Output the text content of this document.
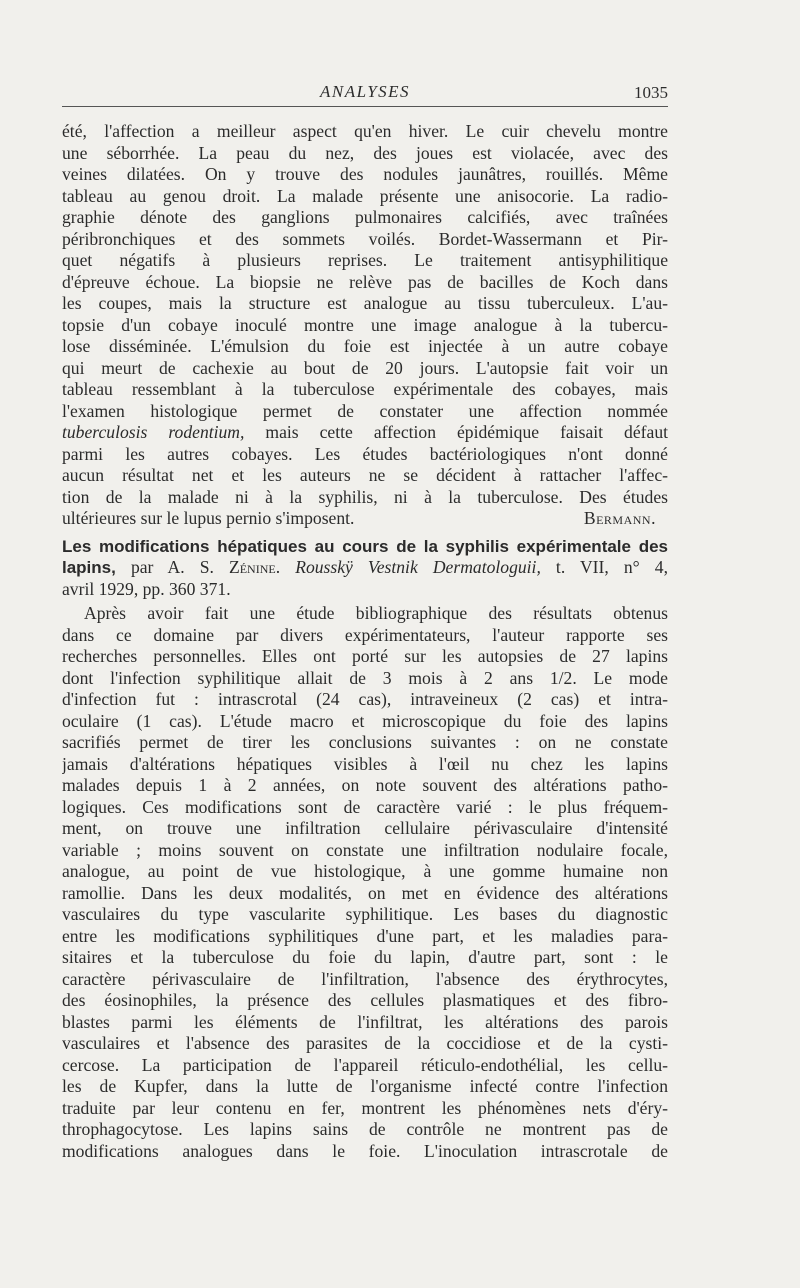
ANALYSES	1035
été, l'affection a meilleur aspect qu'en hiver. Le cuir chevelu montre
une séborrhée. La peau du nez, des joues est violacée, avec des
veines dilatées. On y trouve des nodules jaunâtres, rouillés. Même
tableau au genou droit. La malade présente une anisocorie. La radio-
graphie dénote des ganglions pulmonaires calcifiés, avec traînées
péribronchiques et des sommets voilés. Bordet-Wassermann et Pir-
quet négatifs à plusieurs reprises. Le traitement antisyphilitique
d'épreuve échoue. La biopsie ne relève pas de bacilles de Koch dans
les coupes, mais la structure est analogue au tissu tuberculeux. L'au-
topsie d'un cobaye inoculé montre une image analogue à la tubercu-
lose disséminée. L'émulsion du foie est injectée à un autre cobaye
qui meurt de cachexie au bout de 20 jours. L'autopsie fait voir un
tableau ressemblant à la tuberculose expérimentale des cobayes, mais
l'examen histologique permet de constater une affection nommée
tuberculosis rodentium, mais cette affection épidémique faisait défaut
parmi les autres cobayes. Les études bactériologiques n'ont donné
aucun résultat net et les auteurs ne se décident à rattacher l'affec-
tion de la malade ni à la syphilis, ni à la tuberculose. Des études
ultérieures sur le lupus pernio s'imposent.	Bermann.
Les modifications hépatiques au cours de la syphilis expérimentale des
lapins, par A. S. Zénine. Rousskÿ Vestnik Dermatologuii, t. VII, n° 4,
avril 1929, pp. 360 371.
Après avoir fait une étude bibliographique des résultats obtenus
dans ce domaine par divers expérimentateurs, l'auteur rapporte ses
recherches personnelles. Elles ont porté sur les autopsies de 27 lapins
dont l'infection syphilitique allait de 3 mois à 2 ans 1/2. Le mode
d'infection fut : intrascrotal (24 cas), intraveineux (2 cas) et intra-
oculaire (1 cas). L'étude macro et microscopique du foie des lapins
sacrifiés permet de tirer les conclusions suivantes : on ne constate
jamais d'altérations hépatiques visibles à l'œil nu chez les lapins
malades depuis 1 à 2 années, on note souvent des altérations patho-
logiques. Ces modifications sont de caractère varié : le plus fréquem-
ment, on trouve une infiltration cellulaire périvasculaire d'intensité
variable ; moins souvent on constate une infiltration nodulaire focale,
analogue, au point de vue histologique, à une gomme humaine non
ramollie. Dans les deux modalités, on met en évidence des altérations
vasculaires du type vascularite syphilitique. Les bases du diagnostic
entre les modifications syphilitiques d'une part, et les maladies para-
sitaires et la tuberculose du foie du lapin, d'autre part, sont : le
caractère périvasculaire de l'infiltration, l'absence des érythrocytes,
des éosinophiles, la présence des cellules plasmatiques et des fibro-
blastes parmi les éléments de l'infiltrat, les altérations des parois
vasculaires et l'absence des parasites de la coccidiose et de la cysti-
cercose. La participation de l'appareil réticulo-endothélial, les cellu-
les de Kupfer, dans la lutte de l'organisme infecté contre l'infection
traduite par leur contenu en fer, montrent les phénomènes nets d'éry-
throphagocytose. Les lapins sains de contrôle ne montrent pas de
modifications analogues dans le foie. L'inoculation intrascrotale de
